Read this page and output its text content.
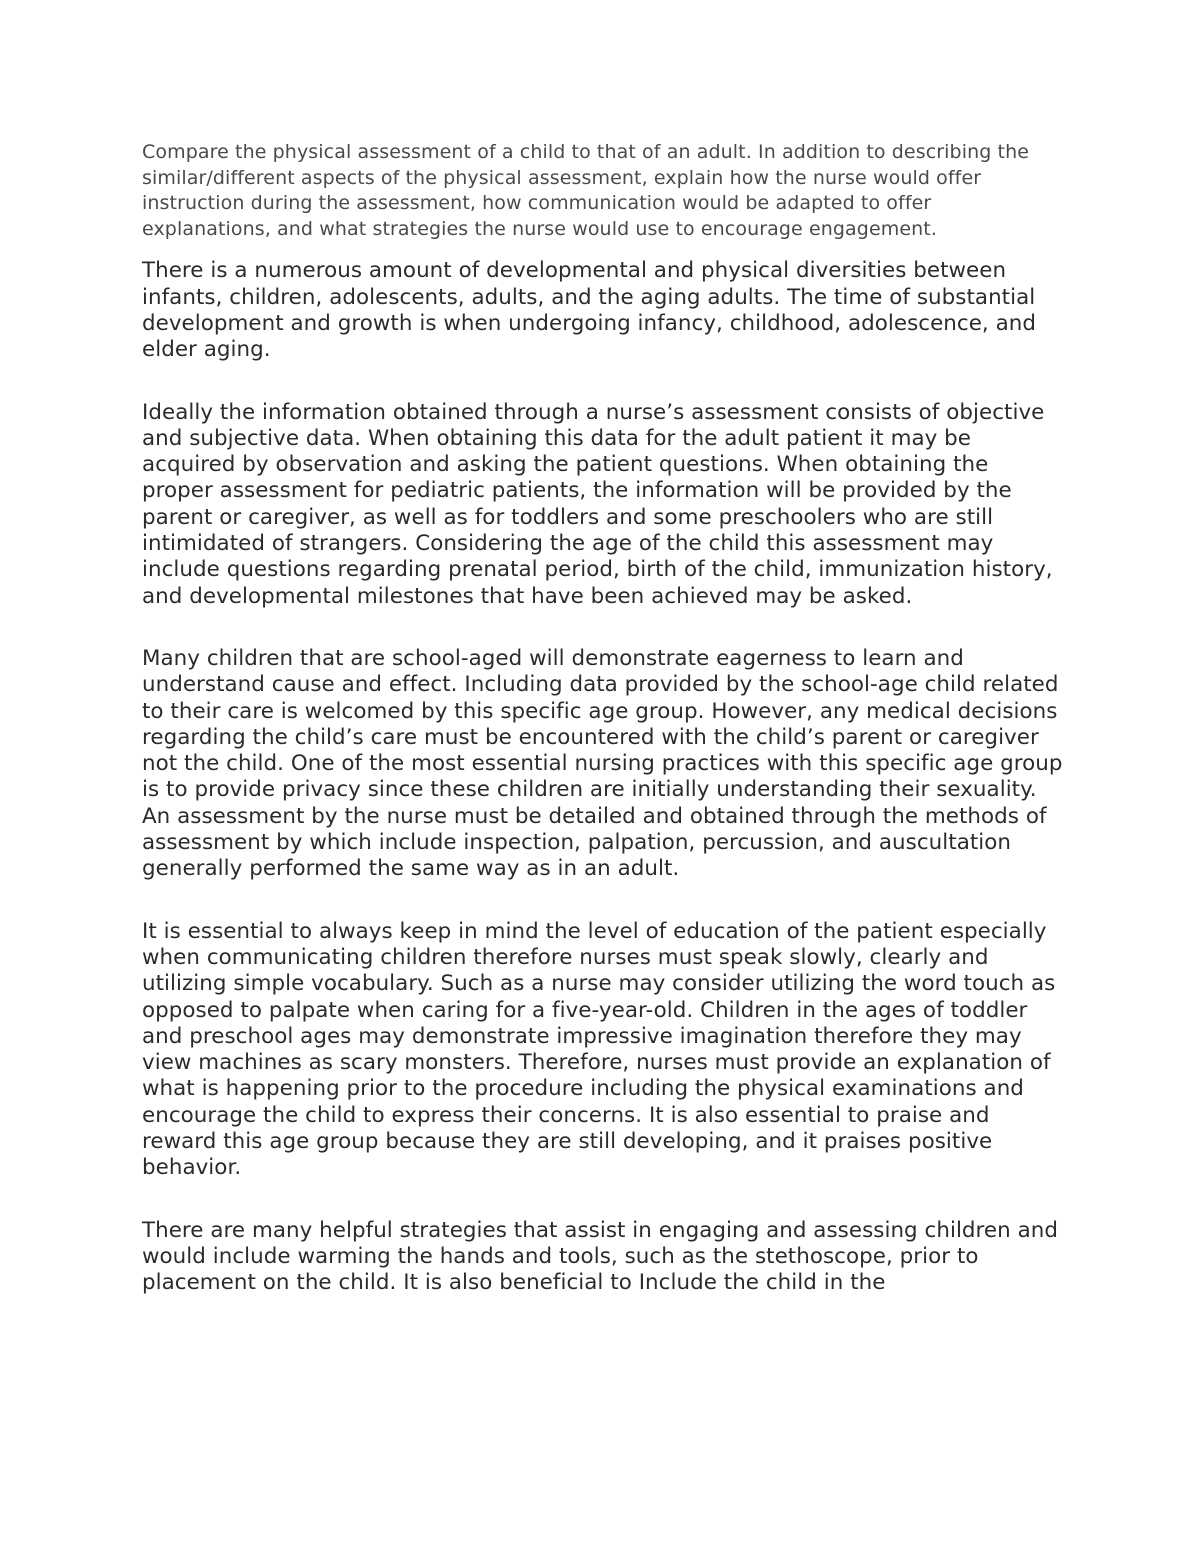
Compare the physical assessment of a child to that of an adult. In addition to describing the similar/different aspects of the physical assessment, explain how the nurse would offer instruction during the assessment, how communication would be adapted to offer explanations, and what strategies the nurse would use to encourage engagement.

There is a numerous amount of developmental and physical diversities between infants, children, adolescents, adults, and the aging adults. The time of substantial development and growth is when undergoing infancy, childhood, adolescence, and elder aging.

Ideally the information obtained through a nurse’s assessment consists of objective and subjective data. When obtaining this data for the adult patient it may be acquired by observation and asking the patient questions. When obtaining the proper assessment for pediatric patients, the information will be provided by the parent or caregiver, as well as for toddlers and some preschoolers who are still intimidated of strangers. Considering the age of the child this assessment may include questions regarding prenatal period, birth of the child, immunization history, and developmental milestones that have been achieved may be asked.

Many children that are school-aged will demonstrate eagerness to learn and understand cause and effect. Including data provided by the school-age child related to their care is welcomed by this specific age group. However, any medical decisions regarding the child’s care must be encountered with the child’s parent or caregiver not the child. One of the most essential nursing practices with this specific age group is to provide privacy since these children are initially understanding their sexuality. An assessment by the nurse must be detailed and obtained through the methods of assessment by which include inspection, palpation, percussion, and auscultation generally performed the same way as in an adult.

It is essential to always keep in mind the level of education of the patient especially when communicating children therefore nurses must speak slowly, clearly and utilizing simple vocabulary. Such as a nurse may consider utilizing the word touch as opposed to palpate when caring for a five-year-old. Children in the ages of toddler and preschool ages may demonstrate impressive imagination therefore they may view machines as scary monsters. Therefore, nurses must provide an explanation of what is happening prior to the procedure including the physical examinations and encourage the child to express their concerns. It is also essential to praise and reward this age group because they are still developing, and it praises positive behavior.

There are many helpful strategies that assist in engaging and assessing children and would include warming the hands and tools, such as the stethoscope, prior to placement on the child. It is also beneficial to Include the child in the
